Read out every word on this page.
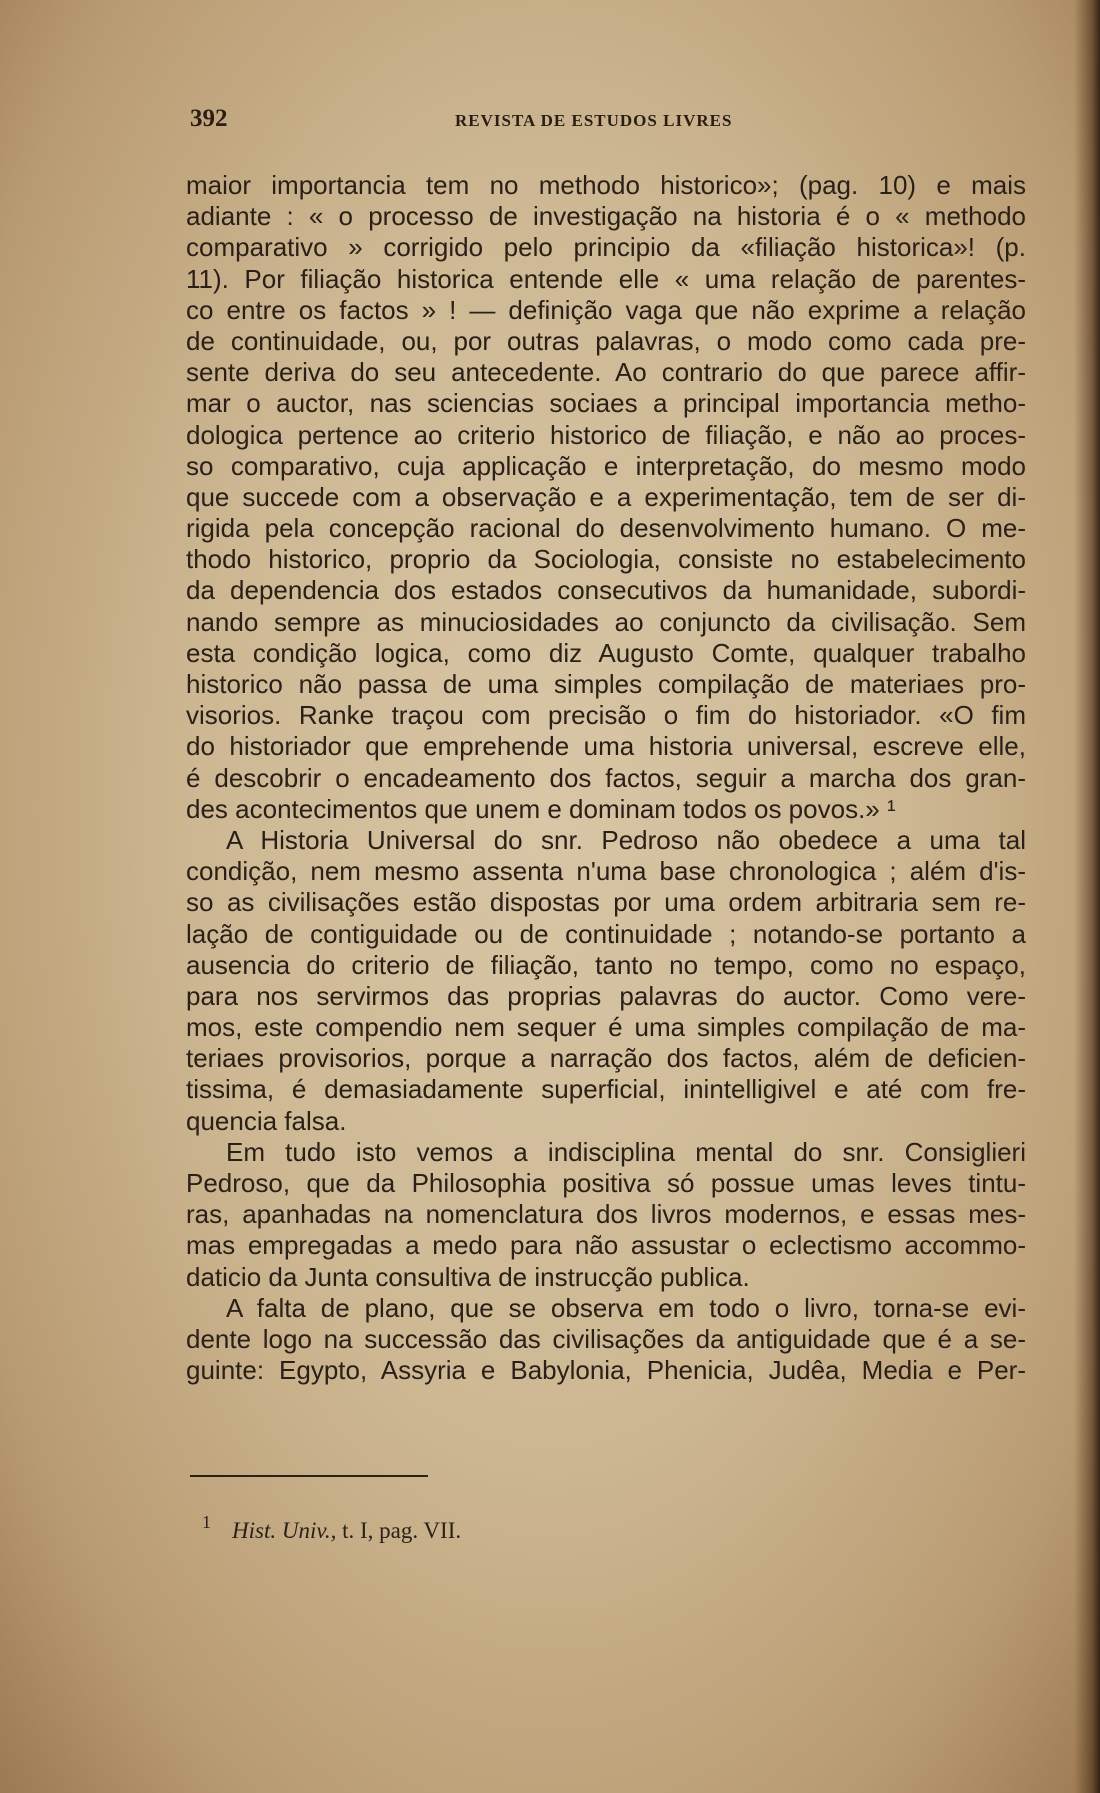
392	REVISTA DE ESTUDOS LIVRES
maior importancia tem no methodo historico»; (pag. 10) e mais
adiante : « o processo de investigação na historia é o « methodo
comparativo » corrigido pelo principio da «filiação historica»! (p.
11). Por filiação historica entende elle « uma relação de parentes-
co entre os factos » ! — definição vaga que não exprime a relação
de continuidade, ou, por outras palavras, o modo como cada pre-
sente deriva do seu antecedente. Ao contrario do que parece affir-
mar o auctor, nas sciencias sociaes a principal importancia metho-
dologica pertence ao criterio historico de filiação, e não ao proces-
so comparativo, cuja applicação e interpretação, do mesmo modo
que succede com a observação e a experimentação, tem de ser di-
rigida pela concepção racional do desenvolvimento humano. O me-
thodo historico, proprio da Sociologia, consiste no estabelecimento
da dependencia dos estados consecutivos da humanidade, subordi-
nando sempre as minuciosidades ao conjuncto da civilisação. Sem
esta condição logica, como diz Augusto Comte, qualquer trabalho
historico não passa de uma simples compilação de materiaes pro-
visorios. Ranke traçou com precisão o fim do historiador. «O fim
do historiador que emprehende uma historia universal, escreve elle,
é descobrir o encadeamento dos factos, seguir a marcha dos gran-
des acontecimentos que unem e dominam todos os povos.» ¹
A Historia Universal do snr. Pedroso não obedece a uma tal
condição, nem mesmo assenta n'uma base chronologica ; além d'is-
so as civilisações estão dispostas por uma ordem arbitraria sem re-
lação de contiguidade ou de continuidade ; notando-se portanto a
ausencia do criterio de filiação, tanto no tempo, como no espaço,
para nos servirmos das proprias palavras do auctor. Como vere-
mos, este compendio nem sequer é uma simples compilação de ma-
teriaes provisorios, porque a narração dos factos, além de deficien-
tissima, é demasiadamente superficial, inintelligivel e até com fre-
quencia falsa.
Em tudo isto vemos a indisciplina mental do snr. Consiglieri
Pedroso, que da Philosophia positiva só possue umas leves tintu-
ras, apanhadas na nomenclatura dos livros modernos, e essas mes-
mas empregadas a medo para não assustar o eclectismo accommo-
daticio da Junta consultiva de instrucção publica.
A falta de plano, que se observa em todo o livro, torna-se evi-
dente logo na successão das civilisações da antiguidade que é a se-
guinte: Egypto, Assyria e Babylonia, Phenicia, Judêa, Media e Per-
1 Hist. Univ., t. I, pag. VII.
